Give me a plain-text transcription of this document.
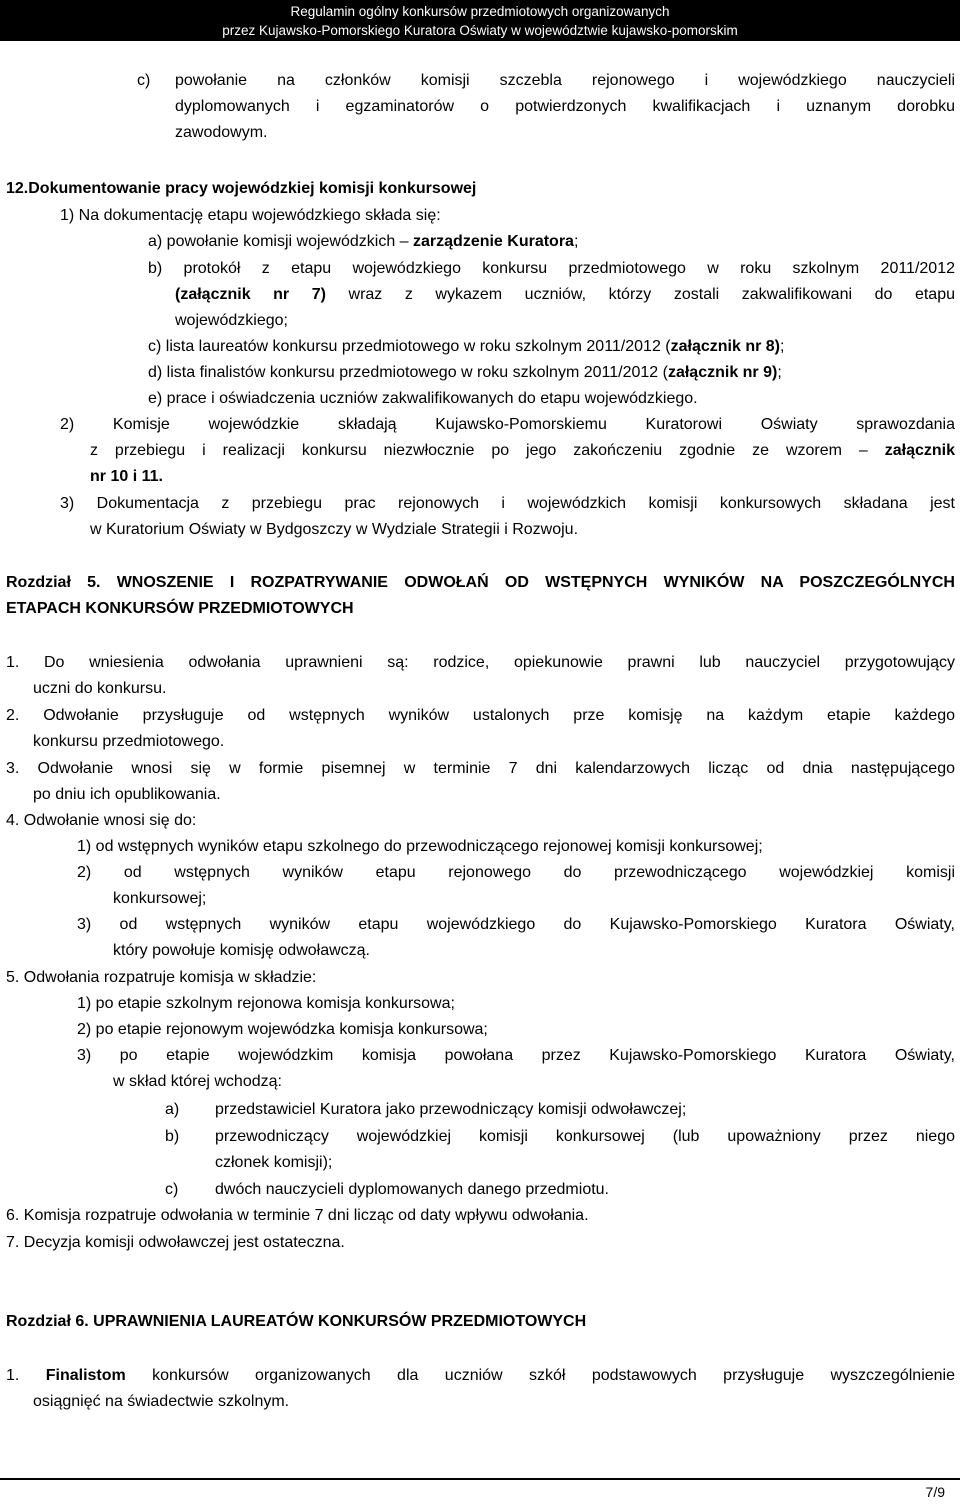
Regulamin ogólny konkursów przedmiotowych organizowanych
przez Kujawsko-Pomorskiego Kuratora Oświaty w województwie kujawsko-pomorskim
c) powołanie na członków komisji szczebla rejonowego i wojewódzkiego nauczycieli
dyplomowanych i egzaminatorów o potwierdzonych kwalifikacjach i uznanym dorobku
zawodowym.
12.Dokumentowanie pracy wojewódzkiej komisji konkursowej
1) Na dokumentację etapu wojewódzkiego składa się:
a) powołanie komisji wojewódzkich – zarządzenie Kuratora;
b) protokół z etapu wojewódzkiego konkursu przedmiotowego w roku szkolnym 2011/2012
(załącznik nr 7) wraz z wykazem uczniów, którzy zostali zakwalifikowani do etapu
wojewódzkiego;
c) lista laureatów konkursu przedmiotowego w roku szkolnym 2011/2012 (załącznik nr 8);
d) lista finalistów konkursu przedmiotowego w roku szkolnym 2011/2012 (załącznik nr 9);
e) prace i oświadczenia uczniów zakwalifikowanych do etapu wojewódzkiego.
2) Komisje wojewódzkie składają Kujawsko-Pomorskiemu Kuratorowi Oświaty sprawozdania
z przebiegu i realizacji konkursu niezwłocznie po jego zakończeniu zgodnie ze wzorem – załącznik
nr 10 i 11.
3) Dokumentacja z przebiegu prac rejonowych i wojewódzkich komisji konkursowych składana jest
w Kuratorium Oświaty w Bydgoszczy w Wydziale Strategii i Rozwoju.
Rozdział 5. WNOSZENIE I ROZPATRYWANIE ODWOŁAŃ OD WSTĘPNYCH WYNIKÓW NA POSZCZEGÓLNYCH
ETAPACH KONKURSÓW PRZEDMIOTOWYCH
1. Do wniesienia odwołania uprawnieni są: rodzice, opiekunowie prawni lub nauczyciel przygotowujący
uczni do konkursu.
2. Odwołanie przysługuje od wstępnych wyników ustalonych prze komisję na każdym etapie każdego
konkursu przedmiotowego.
3. Odwołanie wnosi się w formie pisemnej w terminie 7 dni kalendarzowych licząc od dnia następującego
po dniu ich opublikowania.
4. Odwołanie wnosi się do:
1) od wstępnych wyników etapu szkolnego do przewodniczącego rejonowej komisji konkursowej;
2) od wstępnych wyników etapu rejonowego do przewodniczącego wojewódzkiej komisji
konkursowej;
3) od wstępnych wyników etapu wojewódzkiego do Kujawsko-Pomorskiego Kuratora Oświaty,
który powołuje komisję odwoławczą.
5. Odwołania rozpatruje komisja w składzie:
1) po etapie szkolnym rejonowa komisja konkursowa;
2) po etapie rejonowym wojewódzka komisja konkursowa;
3) po etapie wojewódzkim komisja powołana przez Kujawsko-Pomorskiego Kuratora Oświaty,
w skład której wchodzą:
a) przedstawiciel Kuratora jako przewodniczący komisji odwoławczej;
b) przewodniczący wojewódzkiej komisji konkursowej (lub upoważniony przez niego
członek komisji);
c) dwóch nauczycieli dyplomowanych danego przedmiotu.
6. Komisja rozpatruje odwołania w terminie 7 dni licząc od daty wpływu odwołania.
7. Decyzja komisji odwoławczej jest ostateczna.
Rozdział 6. UPRAWNIENIA LAUREATÓW KONKURSÓW PRZEDMIOTOWYCH
1. Finalistom konkursów organizowanych dla uczniów szkół podstawowych przysługuje wyszczególnienie
osiągnięć na świadectwie szkolnym.
7/9
